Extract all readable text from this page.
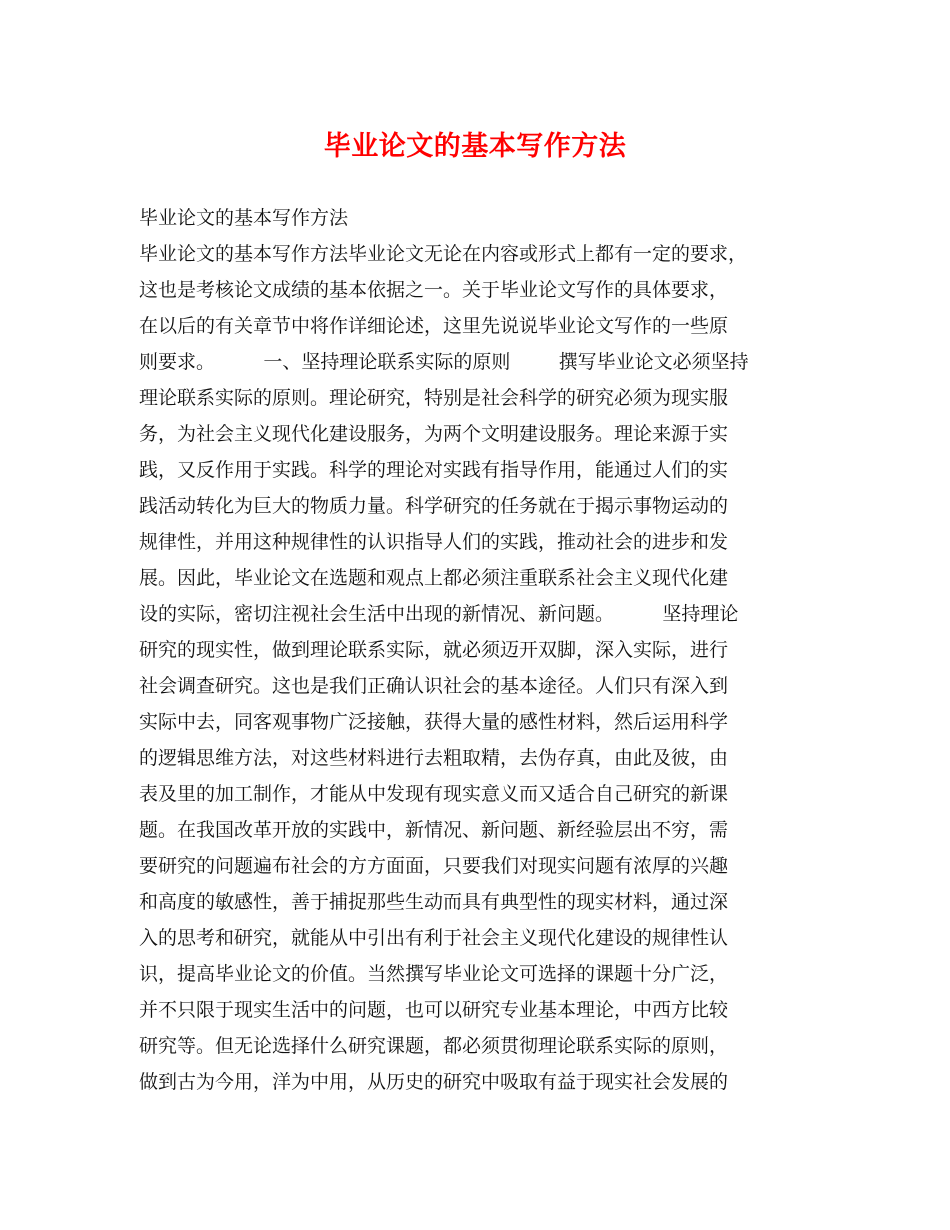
毕业论文的基本写作方法

毕业论文的基本写作方法

毕业论文的基本写作方法毕业论文无论在内容或形式上都有一定的要求，
这也是考核论文成绩的基本依据之一。关于毕业论文写作的具体要求，
在以后的有关章节中将作详细论述，这里先说说毕业论文写作的一些原
则要求。        一、坚持理论联系实际的原则        撰写毕业论文必须坚持
理论联系实际的原则。理论研究，特别是社会科学的研究必须为现实服
务，为社会主义现代化建设服务，为两个文明建设服务。理论来源于实
践，又反作用于实践。科学的理论对实践有指导作用，能通过人们的实
践活动转化为巨大的物质力量。科学研究的任务就在于揭示事物运动的
规律性，并用这种规律性的认识指导人们的实践，推动社会的进步和发
展。因此，毕业论文在选题和观点上都必须注重联系社会主义现代化建
设的实际，密切注视社会生活中出现的新情况、新问题。        坚持理论
研究的现实性，做到理论联系实际，就必须迈开双脚，深入实际，进行
社会调查研究。这也是我们正确认识社会的基本途径。人们只有深入到
实际中去，同客观事物广泛接触，获得大量的感性材料，然后运用科学
的逻辑思维方法，对这些材料进行去粗取精，去伪存真，由此及彼，由
表及里的加工制作，才能从中发现有现实意义而又适合自己研究的新课
题。在我国改革开放的实践中，新情况、新问题、新经验层出不穷，需
要研究的问题遍布社会的方方面面，只要我们对现实问题有浓厚的兴趣
和高度的敏感性，善于捕捉那些生动而具有典型性的现实材料，通过深
入的思考和研究，就能从中引出有利于社会主义现代化建设的规律性认
识，提高毕业论文的价值。当然撰写毕业论文可选择的课题十分广泛，
并不只限于现实生活中的问题，也可以研究专业基本理论，中西方比较
研究等。但无论选择什么研究课题，都必须贯彻理论联系实际的原则，
做到古为今用，洋为中用，从历史的研究中吸取有益于现实社会发展的
